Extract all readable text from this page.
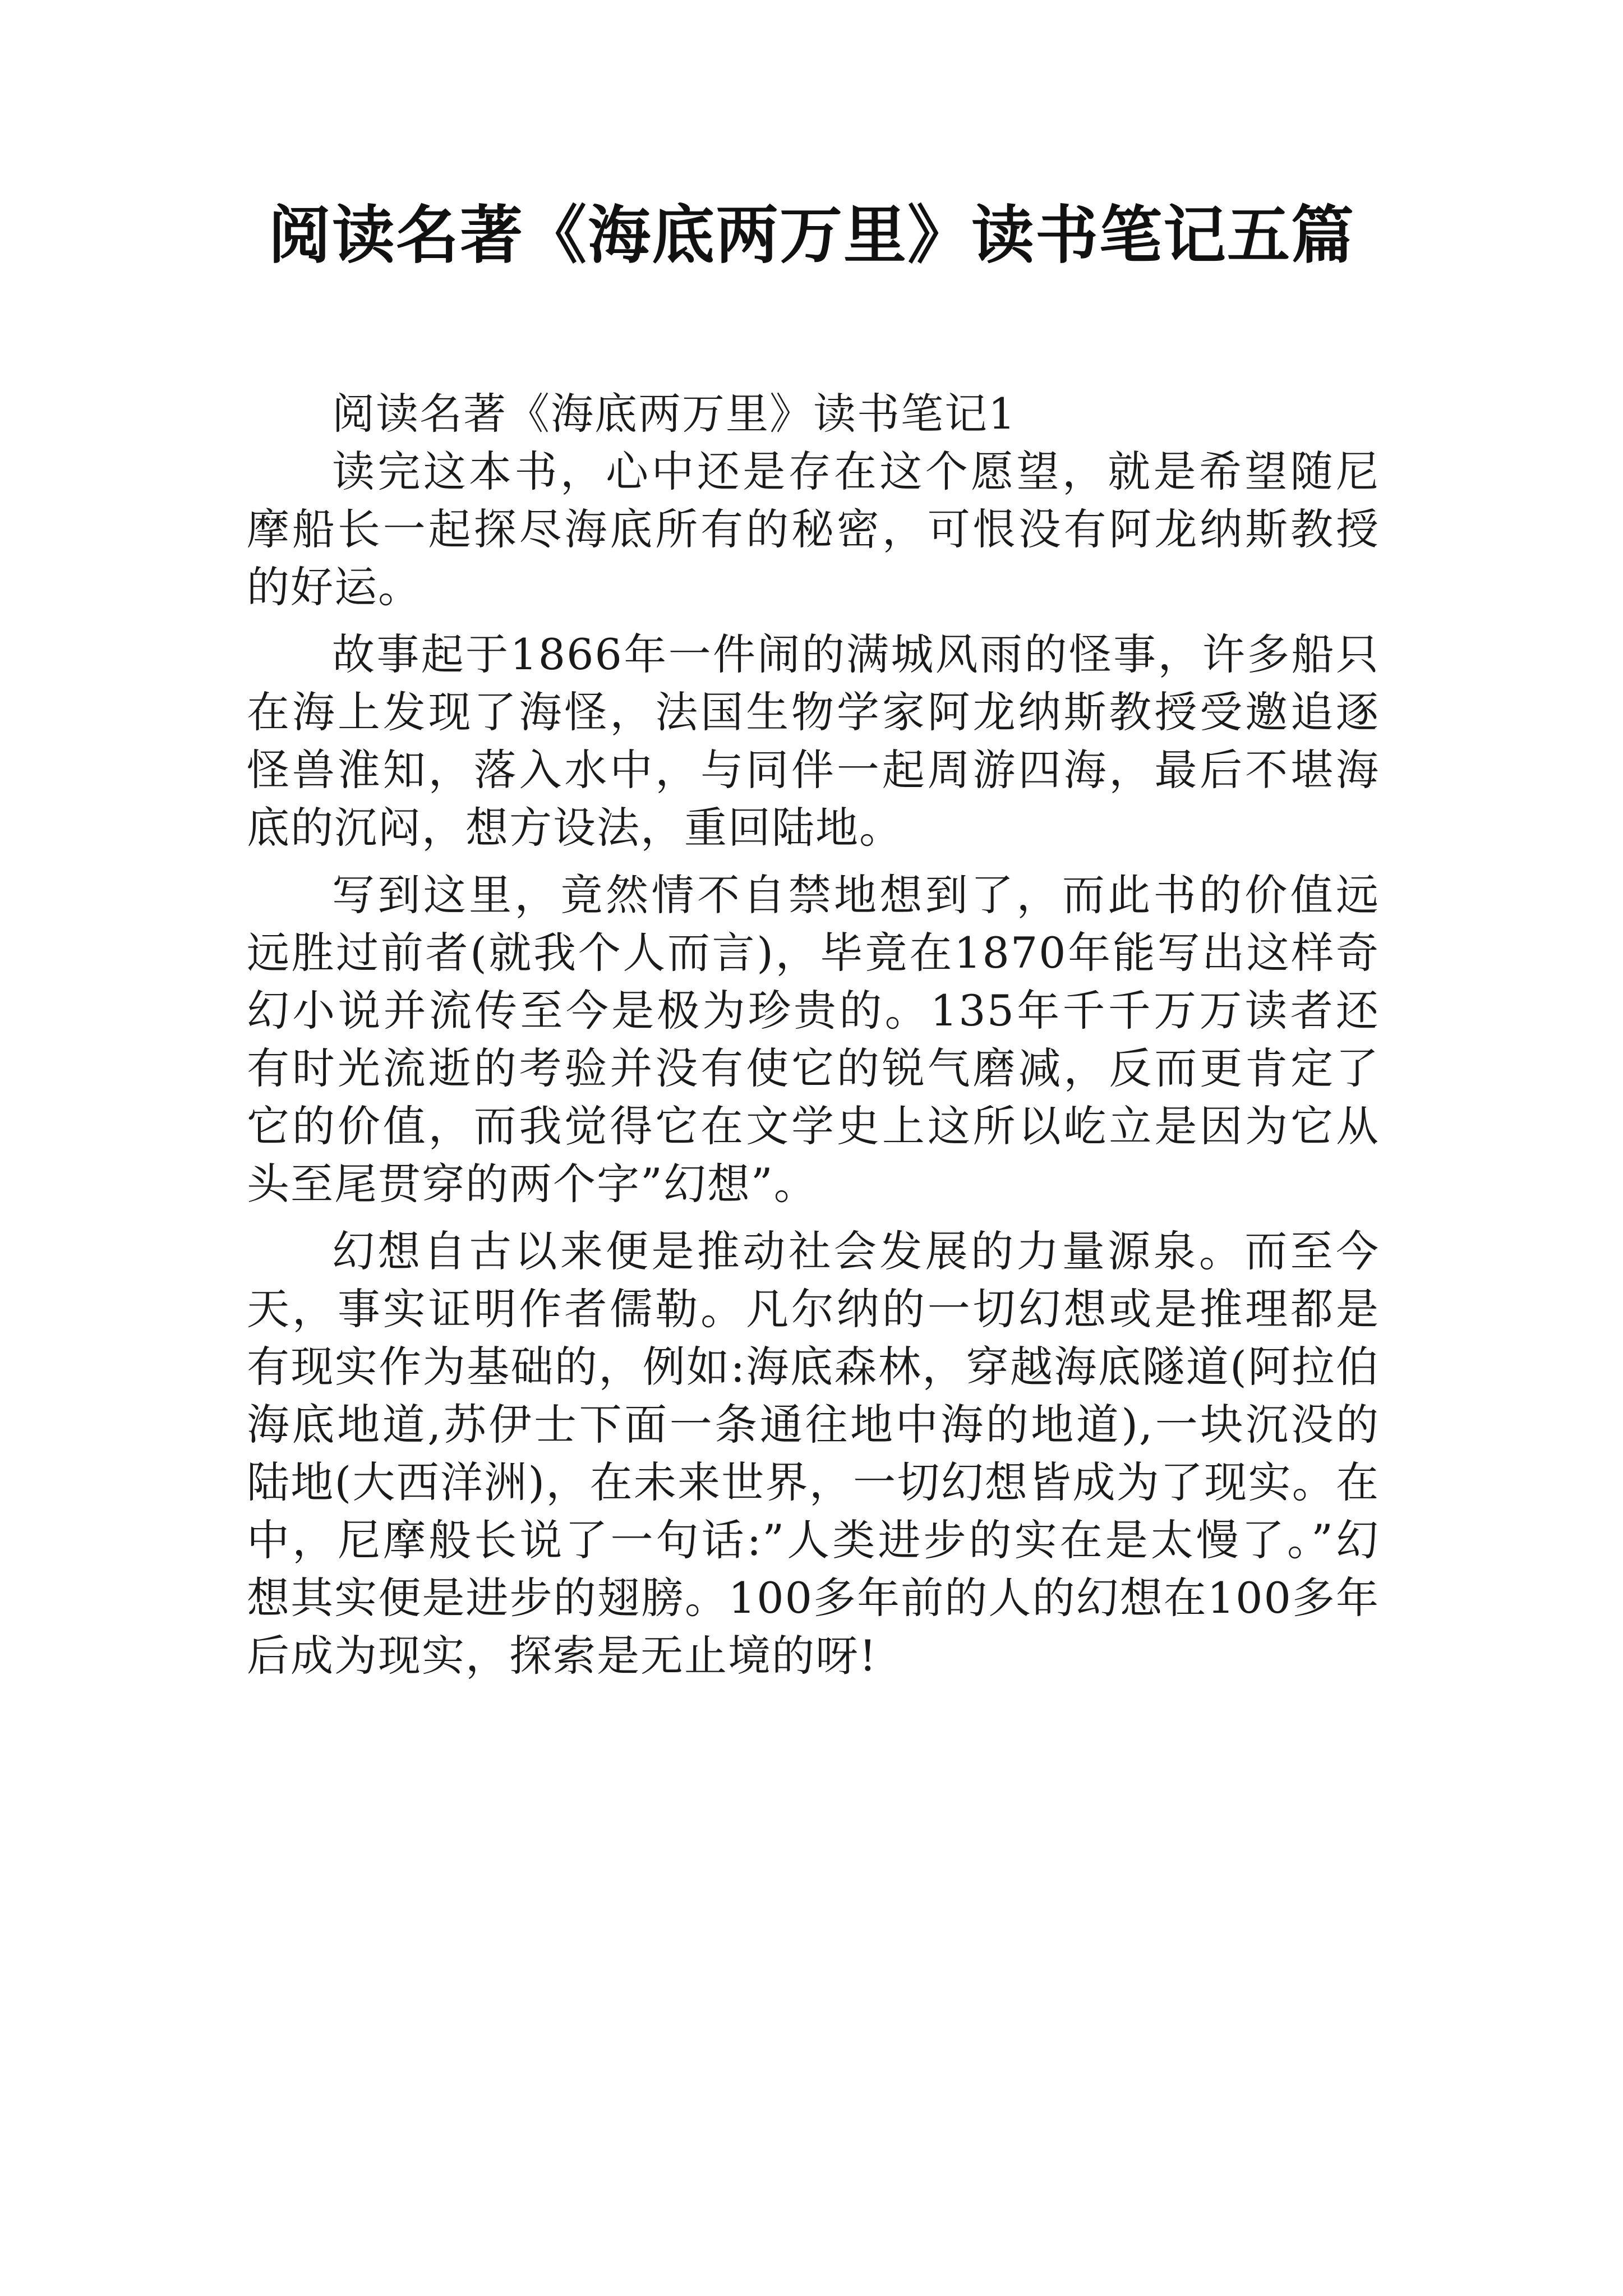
阅读名著《海底两万里》读书笔记五篇

阅读名著《海底两万里》读书笔记1

读完这本书，心中还是存在这个愿望，就是希望随尼摩船长一起探尽海底所有的秘密，可恨没有阿龙纳斯教授的好运。

故事起于1866年一件闹的满城风雨的怪事，许多船只在海上发现了海怪，法国生物学家阿龙纳斯教授受邀追逐怪兽淮知，落入水中，与同伴一起周游四海，最后不堪海底的沉闷，想方设法，重回陆地。

写到这里，竟然情不自禁地想到了，而此书的价值远远胜过前者(就我个人而言)，毕竟在1870年能写出这样奇幻小说并流传至今是极为珍贵的。135年千千万万读者还有时光流逝的考验并没有使它的锐气磨减，反而更肯定了它的价值，而我觉得它在文学史上这所以屹立是因为它从头至尾贯穿的两个字”幻想”。

幻想自古以来便是推动社会发展的力量源泉。而至今天，事实证明作者儒勒。凡尔纳的一切幻想或是推理都是有现实作为基础的，例如:海底森林，穿越海底隧道(阿拉伯海底地道,苏伊士下面一条通往地中海的地道),一块沉没的陆地(大西洋洲)，在未来世界，一切幻想皆成为了现实。在中，尼摩般长说了一句话:”人类进步的实在是太慢了。”幻想其实便是进步的翅膀。100多年前的人的幻想在100多年后成为现实，探索是无止境的呀!
